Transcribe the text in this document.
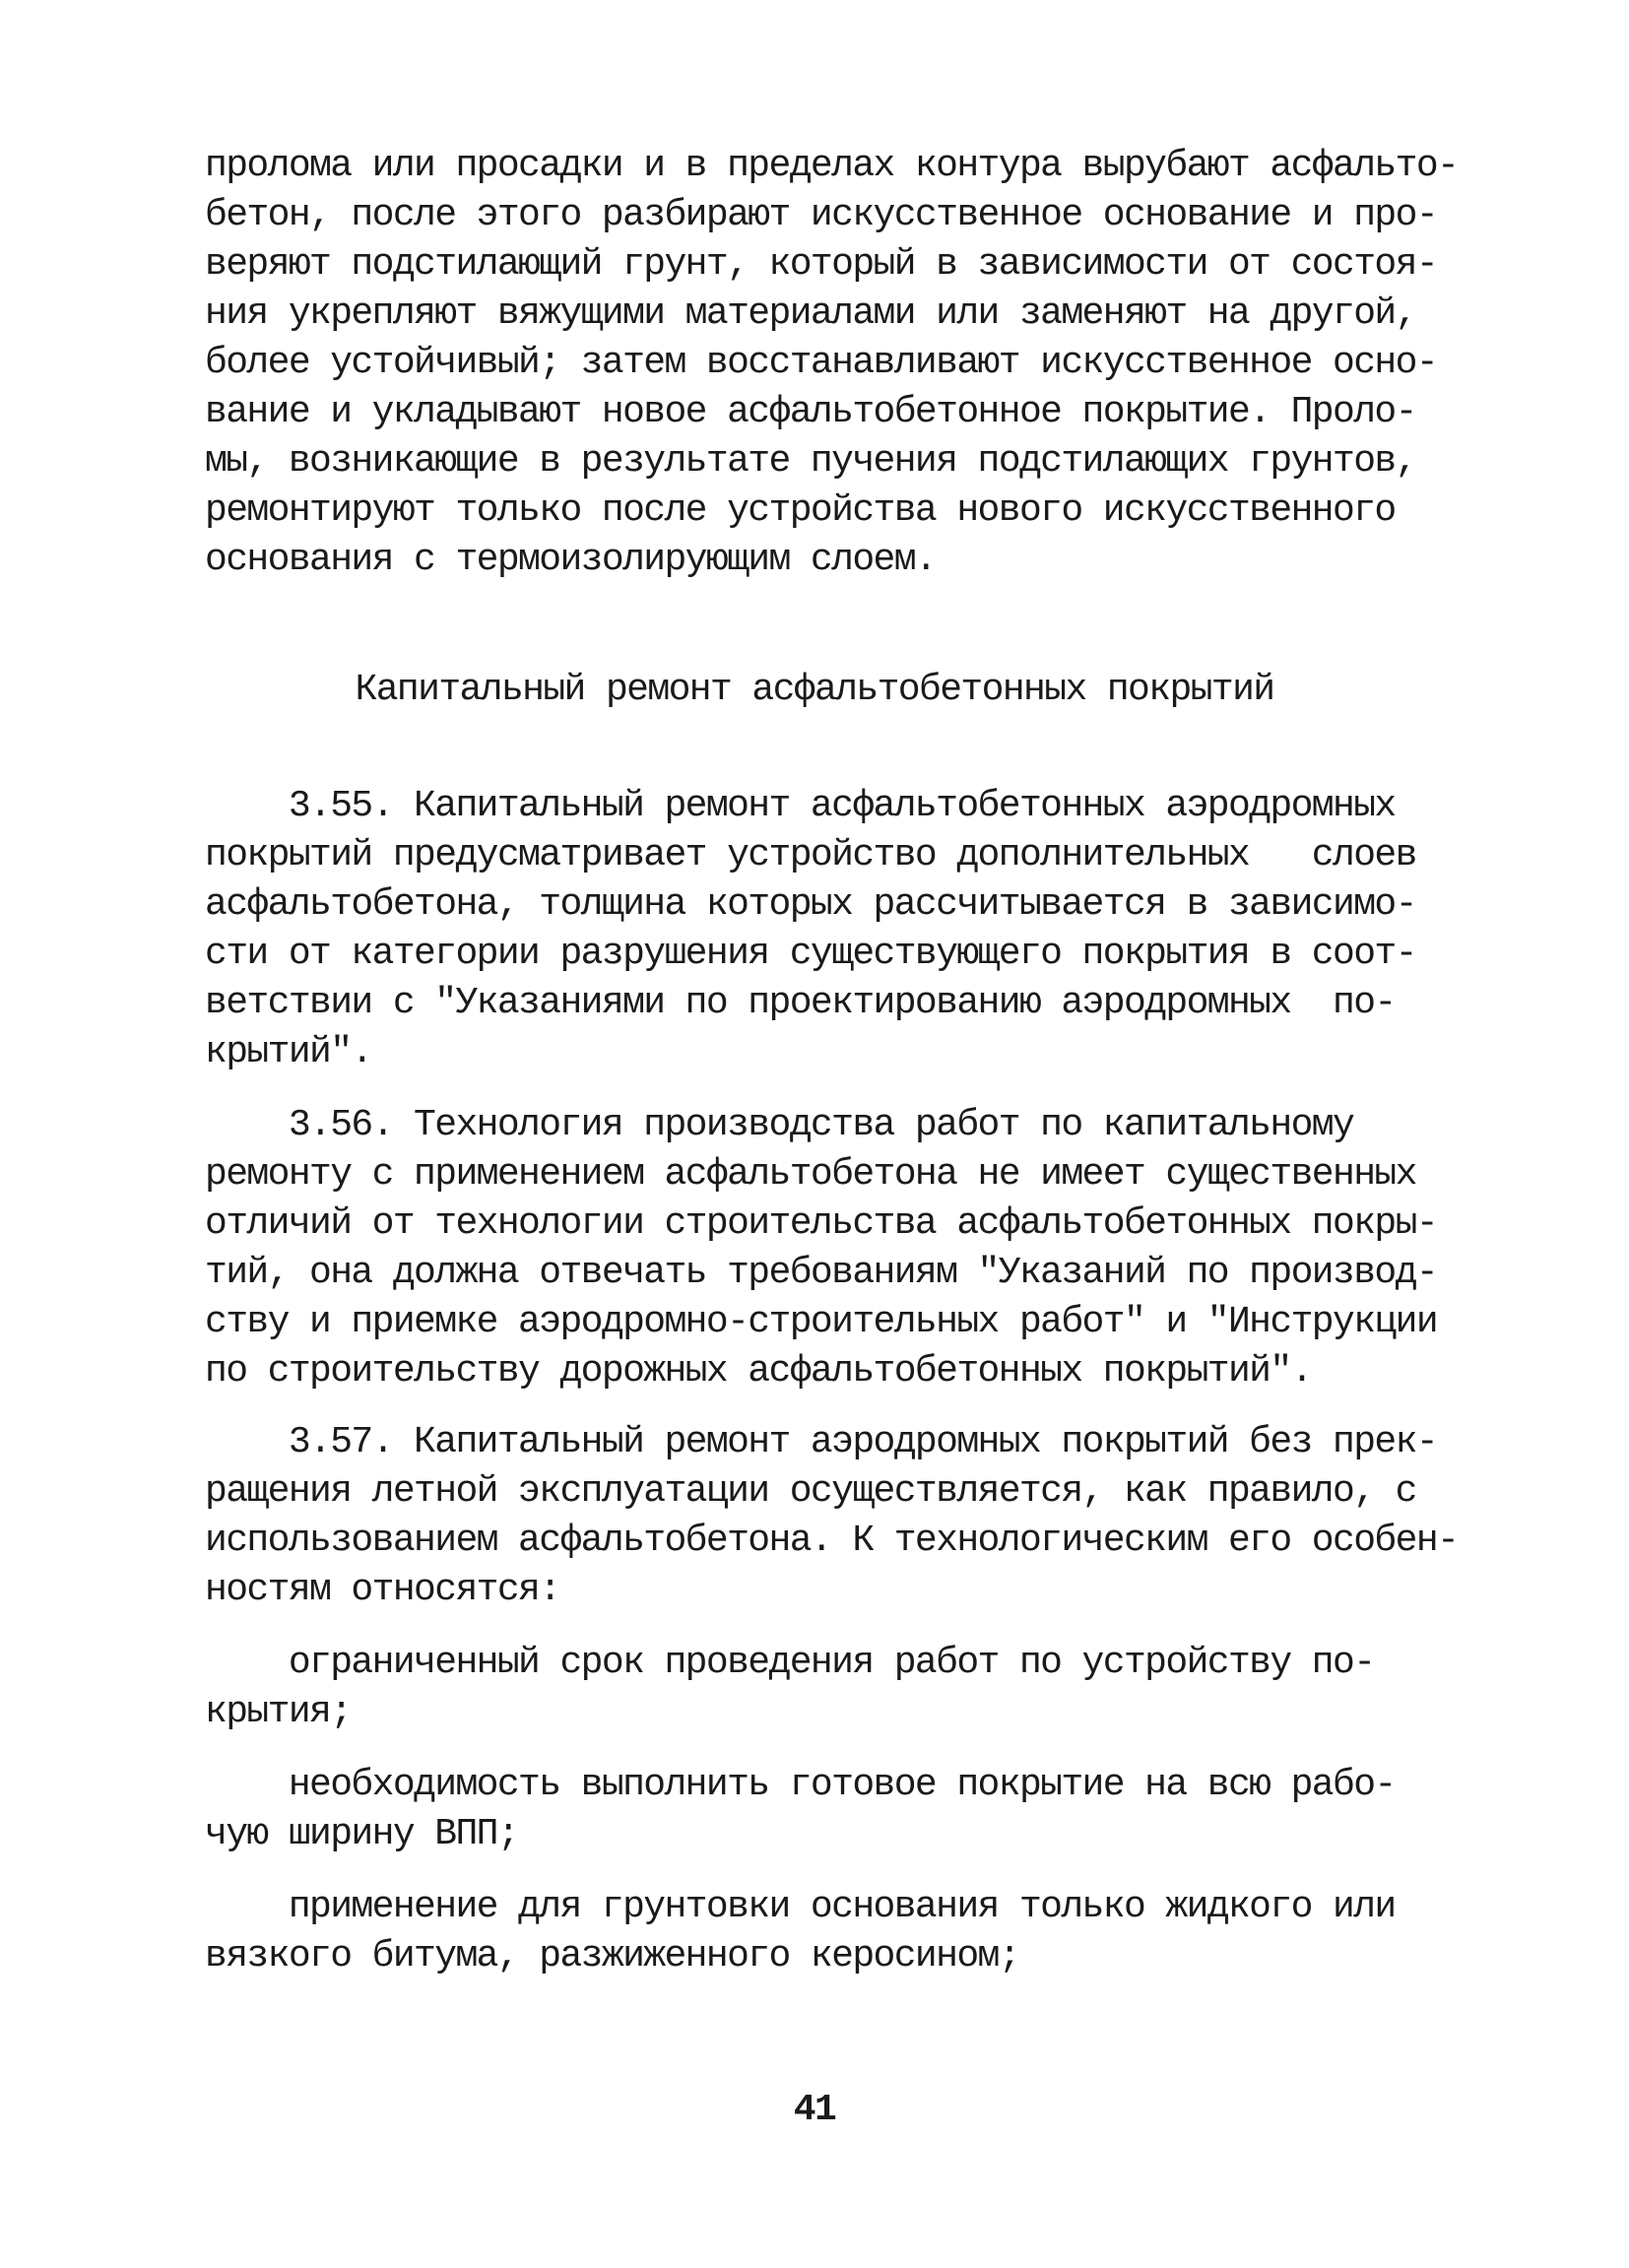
пролома или просадки и в пределах контура вырубают асфальто-
бетон, после этого разбирают искусственное основание и про-
веряют подстилающий грунт, который в зависимости от состоя-
ния укрепляют вяжущими материалами или заменяют на другой,
более устойчивый; затем восстанавливают искусственное осно-
вание и укладывают новое асфальтобетонное покрытие. Проло-
мы, возникающие в результате пучения подстилающих грунтов,
ремонтируют только после устройства нового искусственного
основания с термоизолирующим слоем.
Капитальный ремонт асфальтобетонных покрытий
3.55. Капитальный ремонт асфальтобетонных аэродромных
покрытий предусматривает устройство дополнительных   слоев
асфальтобетона, толщина которых рассчитывается в зависимо-
сти от категории разрушения существующего покрытия в соот-
ветствии с "Указаниями по проектированию аэродромных  по-
крытий".
3.56. Технология производства работ по капитальному
ремонту с применением асфальтобетона не имеет существенных
отличий от технологии строительства асфальтобетонных покры-
тий, она должна отвечать требованиям "Указаний по производ-
ству и приемке аэродромно-строительных работ" и "Инструкции
по строительству дорожных асфальтобетонных покрытий".
3.57. Капитальный ремонт аэродромных покрытий без прек-
ращения летной эксплуатации осуществляется, как правило, с
использованием асфальтобетона. К технологическим его особен-
ностям относятся:
ограниченный срок проведения работ по устройству по-
крытия;
необходимость выполнить готовое покрытие на всю рабо-
чую ширину ВПП;
применение для грунтовки основания только жидкого или
вязкого битума, разжиженного керосином;
41
